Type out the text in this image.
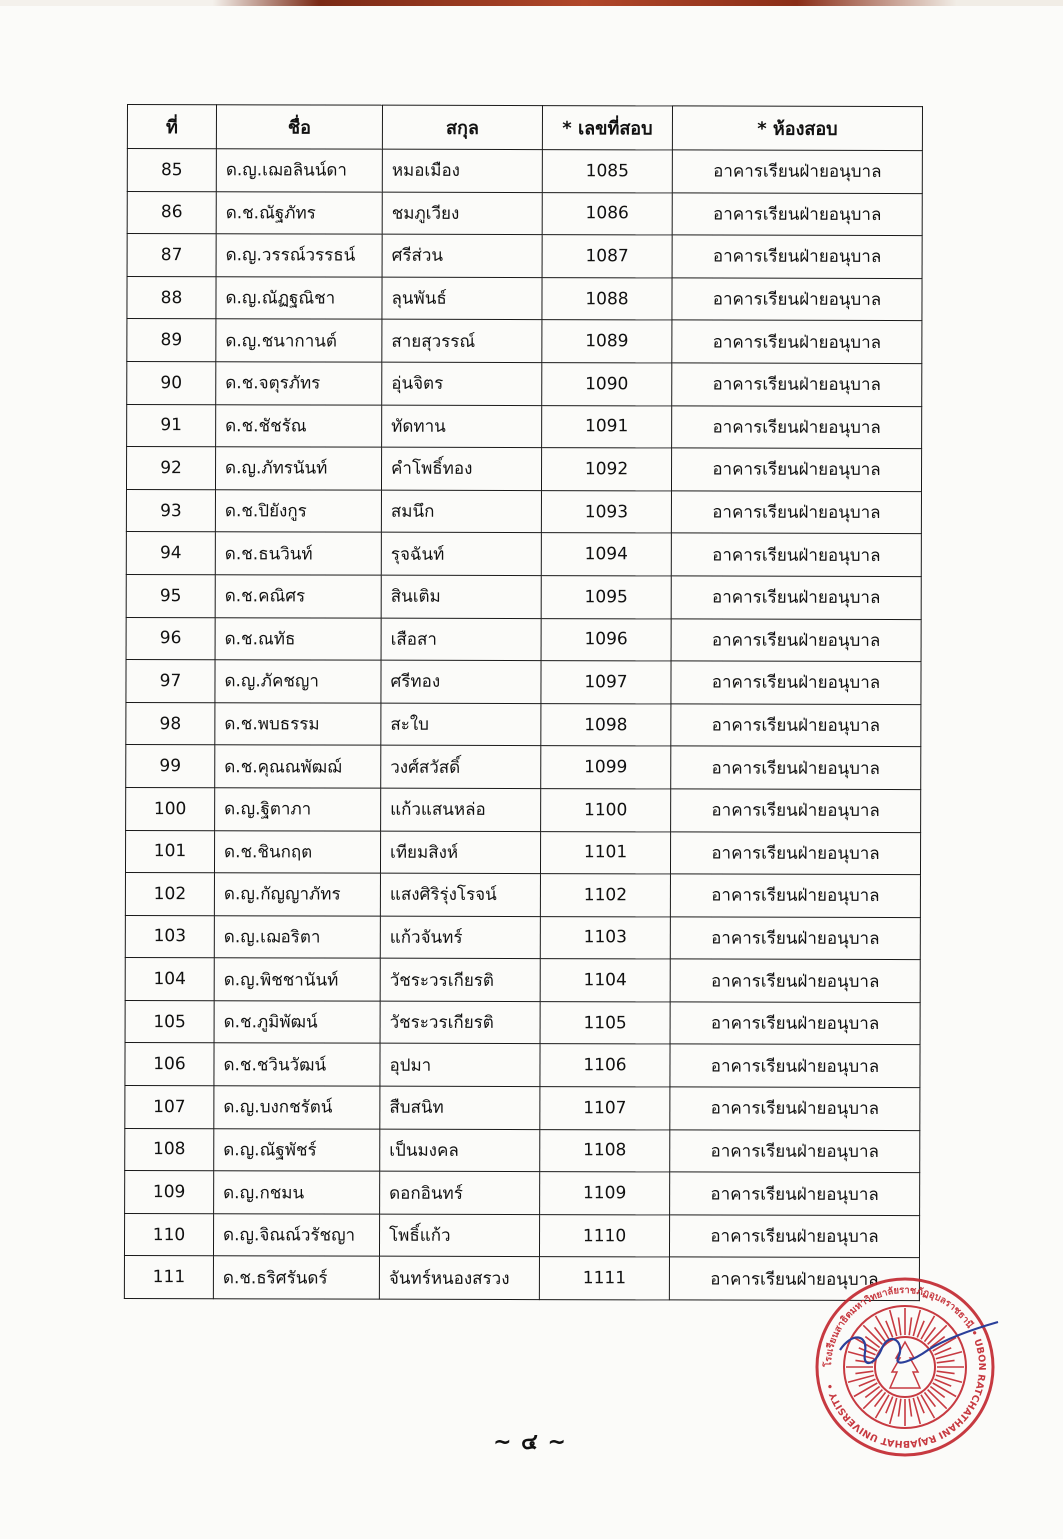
ที่	ชื่อ	สกุล	* เลขที่สอบ	* ห้องสอบ
85	ด.ญ.เฌอลินน์ดา	หมอเมือง	1085	อาคารเรียนฝ่ายอนุบาล
86	ด.ช.ณัฐภัทร	ชมภูเวียง	1086	อาคารเรียนฝ่ายอนุบาล
87	ด.ญ.วรรณ์วรรธน์	ศรีส่วน	1087	อาคารเรียนฝ่ายอนุบาล
88	ด.ญ.ณัฏฐณิชา	ลุนพันธ์	1088	อาคารเรียนฝ่ายอนุบาล
89	ด.ญ.ชนากานต์	สายสุวรรณ์	1089	อาคารเรียนฝ่ายอนุบาล
90	ด.ช.จตุรภัทร	อุ่นจิตร	1090	อาคารเรียนฝ่ายอนุบาล
91	ด.ช.ชัชรัณ	ทัดทาน	1091	อาคารเรียนฝ่ายอนุบาล
92	ด.ญ.ภัทรนันท์	คำโพธิ์ทอง	1092	อาคารเรียนฝ่ายอนุบาล
93	ด.ช.ปิยังกูร	สมนึก	1093	อาคารเรียนฝ่ายอนุบาล
94	ด.ช.ธนวินท์	รุจฉันท์	1094	อาคารเรียนฝ่ายอนุบาล
95	ด.ช.คณิศร	สินเติม	1095	อาคารเรียนฝ่ายอนุบาล
96	ด.ช.ณทัธ	เสือสา	1096	อาคารเรียนฝ่ายอนุบาล
97	ด.ญ.ภัคชญา	ศรีทอง	1097	อาคารเรียนฝ่ายอนุบาล
98	ด.ช.พบธรรม	สะใบ	1098	อาคารเรียนฝ่ายอนุบาล
99	ด.ช.คุณณพัฒฌ์	วงศ์สวัสดิ์	1099	อาคารเรียนฝ่ายอนุบาล
100	ด.ญ.ฐิตาภา	แก้วแสนหล่อ	1100	อาคารเรียนฝ่ายอนุบาล
101	ด.ช.ชินกฤต	เทียมสิงห์	1101	อาคารเรียนฝ่ายอนุบาล
102	ด.ญ.กัญญาภัทร	แสงศิริรุ่งโรจน์	1102	อาคารเรียนฝ่ายอนุบาล
103	ด.ญ.เฌอริตา	แก้วจันทร์	1103	อาคารเรียนฝ่ายอนุบาล
104	ด.ญ.พิชชานันท์	วัชระวรเกียรติ	1104	อาคารเรียนฝ่ายอนุบาล
105	ด.ช.ภูมิพัฒน์	วัชระวรเกียรติ	1105	อาคารเรียนฝ่ายอนุบาล
106	ด.ช.ชวินวัฒน์	อุปมา	1106	อาคารเรียนฝ่ายอนุบาล
107	ด.ญ.บงกชรัตน์	สืบสนิท	1107	อาคารเรียนฝ่ายอนุบาล
108	ด.ญ.ณัฐพัชร์	เป็นมงคล	1108	อาคารเรียนฝ่ายอนุบาล
109	ด.ญ.กชมน	ดอกอินทร์	1109	อาคารเรียนฝ่ายอนุบาล
110	ด.ญ.จิณณ์วรัชญา	โพธิ์แก้ว	1110	อาคารเรียนฝ่ายอนุบาล
111	ด.ช.ธริศรันดร์	จันทร์หนองสรวง	1111	อาคารเรียนฝ่ายอนุบาล
~ ๔ ~
โรงเรียนสาธิตมหาวิทยาลัยราชภัฏอุบลราชธานี • UBON RATCHATHANI RAJABHAT UNIVERSITY •
